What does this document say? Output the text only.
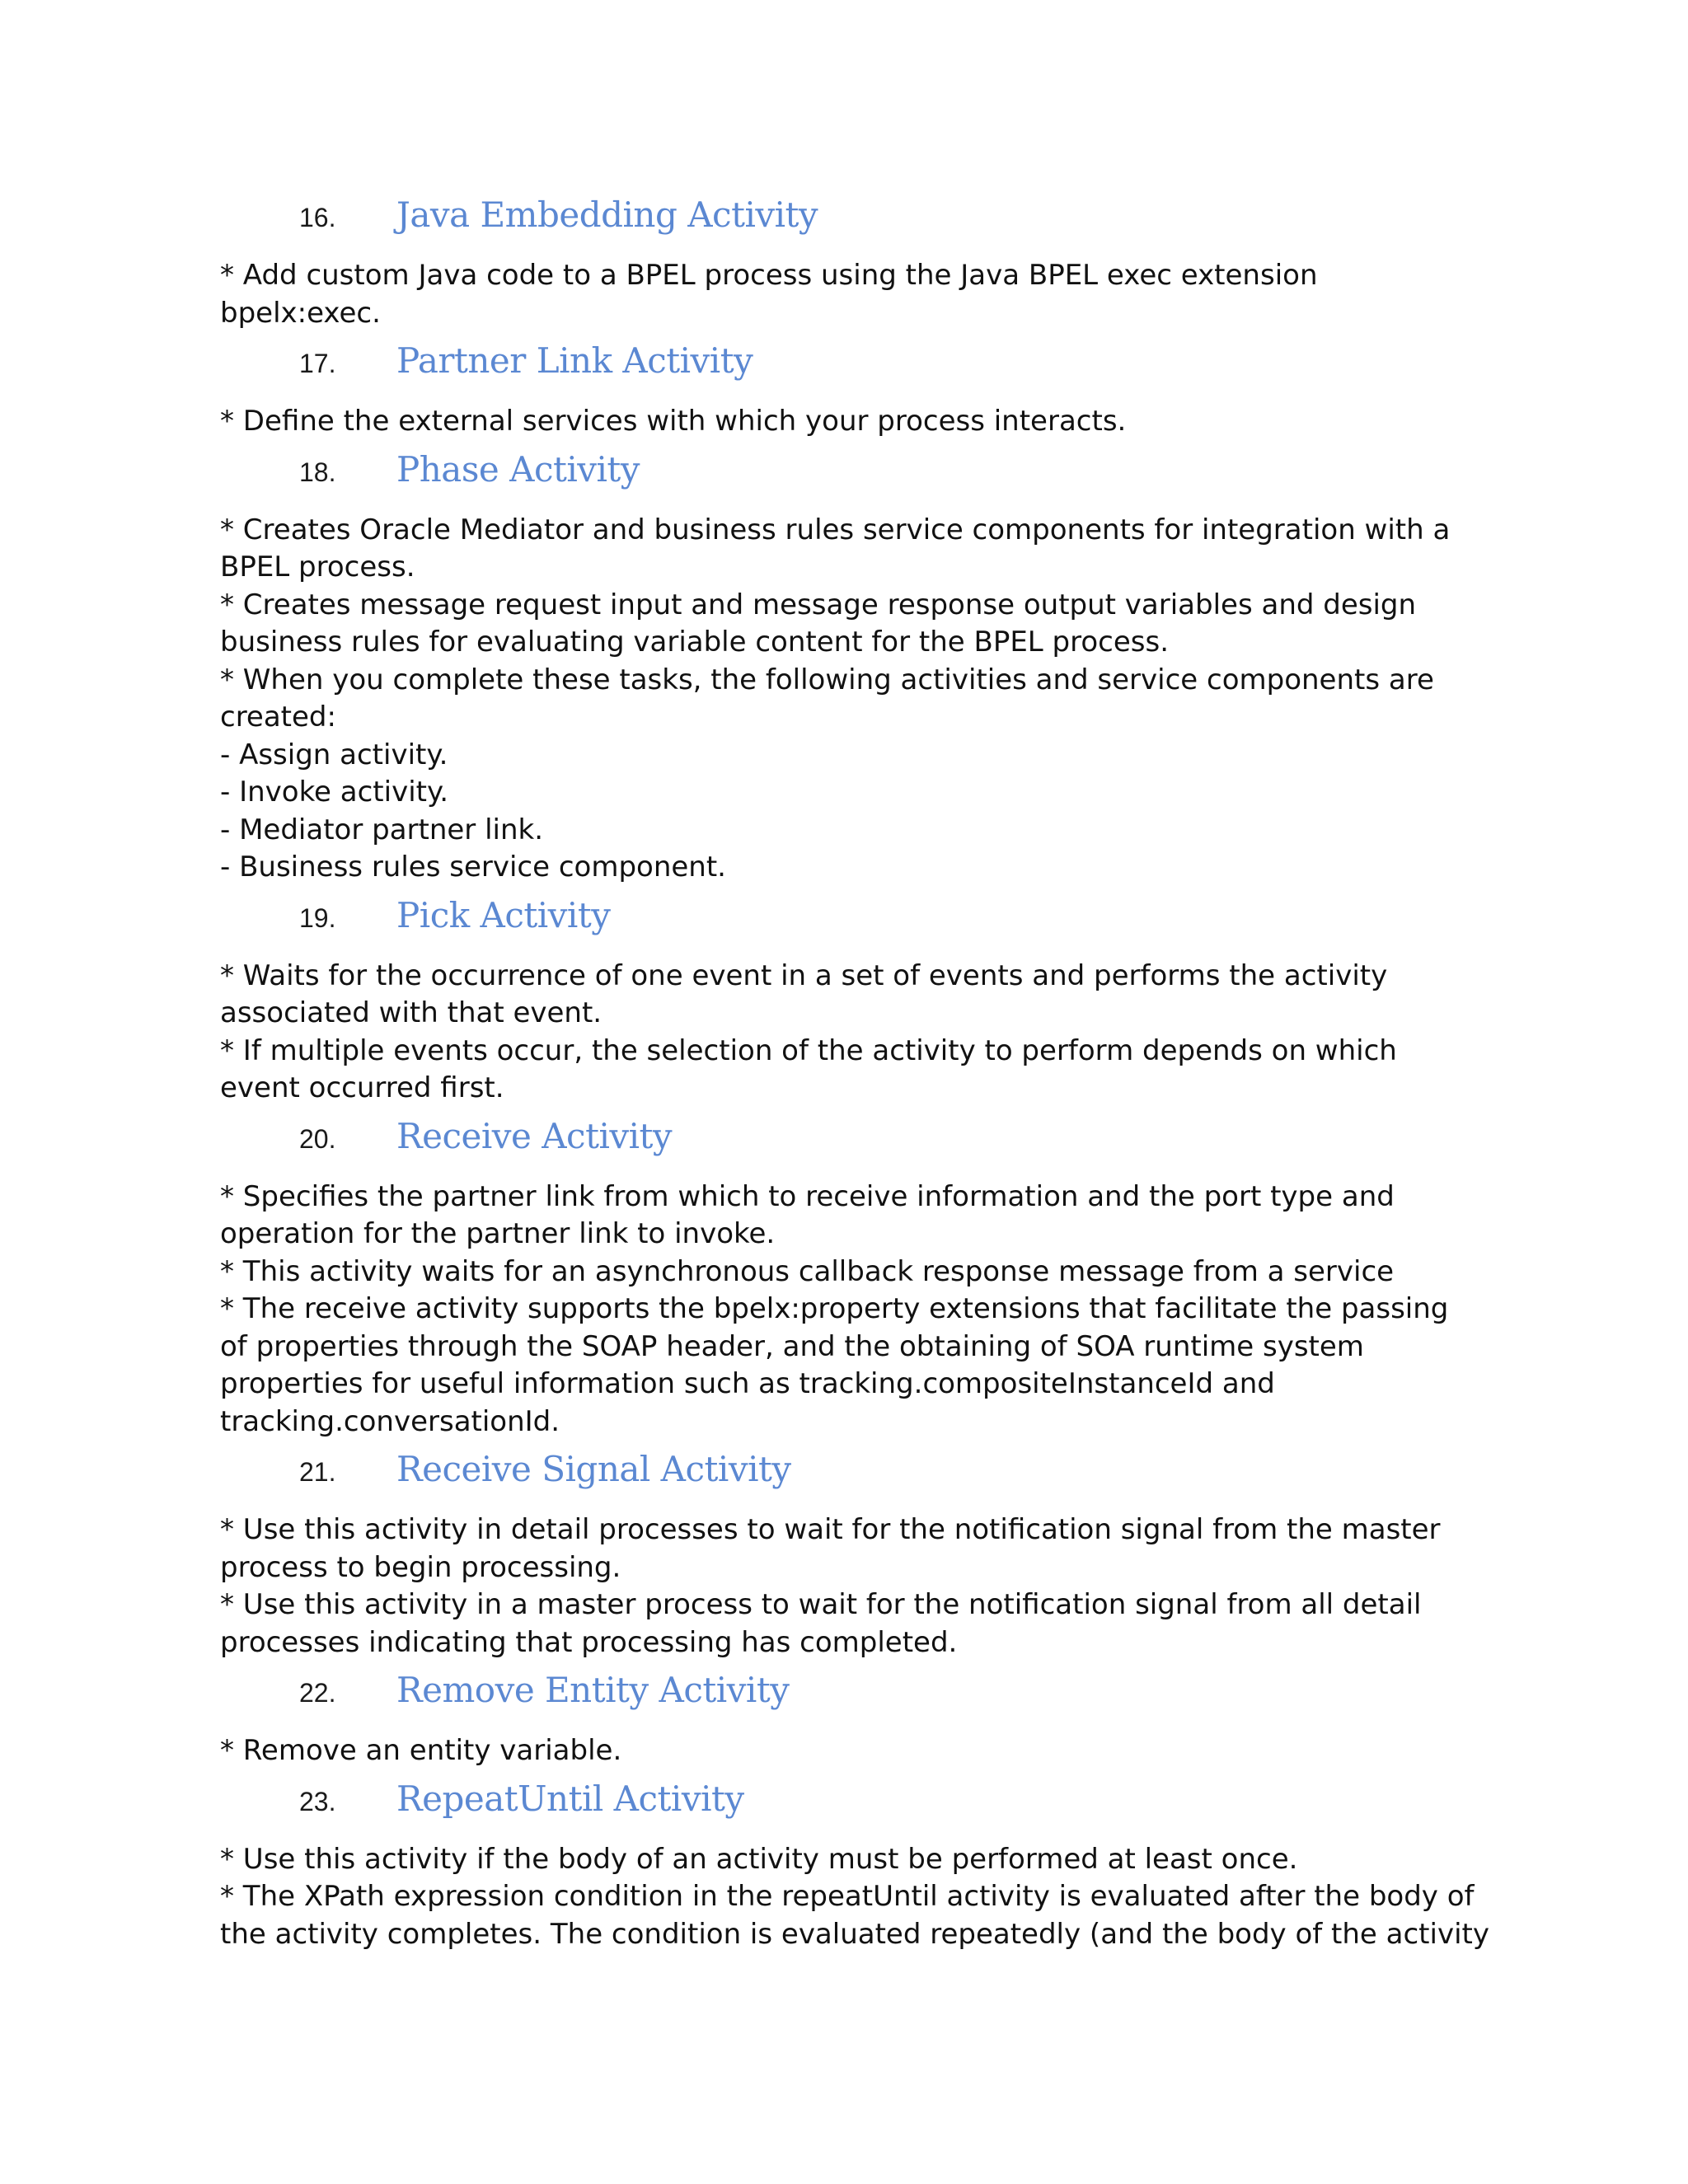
16.	Java Embedding Activity
* Add custom Java code to a BPEL process using the Java BPEL exec extension
bpelx:exec.
17.	Partner Link Activity
* Define the external services with which your process interacts.
18.	Phase Activity
* Creates Oracle Mediator and business rules service components for integration with a
BPEL process.
* Creates message request input and message response output variables and design
business rules for evaluating variable content for the BPEL process.
* When you complete these tasks, the following activities and service components are
created:
- Assign activity.
- Invoke activity.
- Mediator partner link.
- Business rules service component.
19.	Pick Activity
* Waits for the occurrence of one event in a set of events and performs the activity
associated with that event.
* If multiple events occur, the selection of the activity to perform depends on which
event occurred first.
20.	Receive Activity
* Specifies the partner link from which to receive information and the port type and
operation for the partner link to invoke.
* This activity waits for an asynchronous callback response message from a service
* The receive activity supports the bpelx:property extensions that facilitate the passing
of properties through the SOAP header, and the obtaining of SOA runtime system
properties for useful information such as tracking.compositeInstanceId and
tracking.conversationId.
21.	Receive Signal Activity
* Use this activity in detail processes to wait for the notification signal from the master
process to begin processing.
* Use this activity in a master process to wait for the notification signal from all detail
processes indicating that processing has completed.
22.	Remove Entity Activity
* Remove an entity variable.
23.	RepeatUntil Activity
* Use this activity if the body of an activity must be performed at least once.
* The XPath expression condition in the repeatUntil activity is evaluated after the body of
the activity completes. The condition is evaluated repeatedly (and the body of the activity
